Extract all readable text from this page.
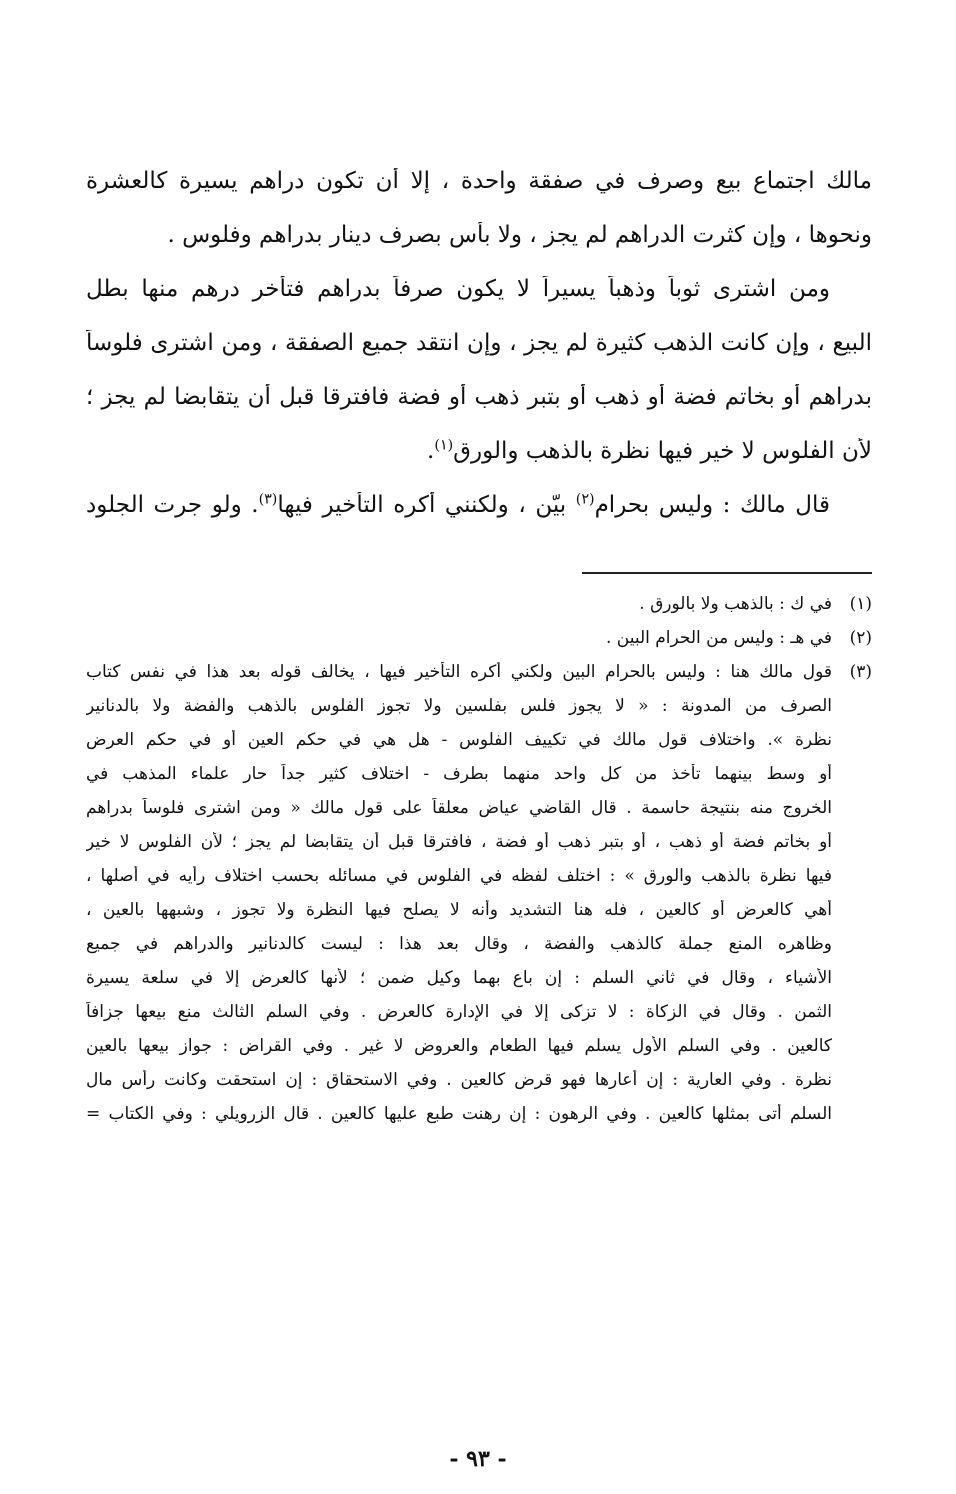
مالك اجتماع بيع وصرف في صفقة واحدة ، إلا أن تكون دراهم يسيرة كالعشرة
ونحوها ، وإن كثرت الدراهم لم يجز ، ولا بأس بصرف دينار بدراهم وفلوس .

ومن اشترى ثوباً وذهباً يسيراً لا يكون صرفاً بدراهم فتأخر درهم منها بطل
البيع ، وإن كانت الذهب كثيرة لم يجز ، وإن انتقد جميع الصفقة ، ومن اشترى فلوساً
بدراهم أو بخاتم فضة أو ذهب أو بتبر ذهب أو فضة فافترقا قبل أن يتقابضا لم يجز ؛
لأن الفلوس لا خير فيها نظرة بالذهب والورق$^{(١)}$.

قال مالك : وليس بحرام$^{(٢)}$ بيّن ، ولكنني أكره التأخير فيها$^{(٣)}$. ولو جرت الجلود

(١)
في ك : بالذهب ولا بالورق .
(٢)
في هـ : وليس من الحرام البين .
(٣)
قول مالك هنا : وليس بالحرام البين ولكني أكره التأخير فيها ، يخالف قوله بعد هذا في نفس كتاب
الصرف من المدونة : « لا يجوز فلس بفلسين ولا تجوز الفلوس بالذهب والفضة ولا بالدنانير
نظرة ». واختلاف قول مالك في تكييف الفلوس - هل هي في حكم العين أو في حكم العرض
أو وسط بينهما تأخذ من كل واحد منهما بطرف - اختلاف كثير جداً حار علماء المذهب في
الخروج منه بنتيجة حاسمة . قال القاضي عياض معلقاً على قول مالك « ومن اشترى فلوساً بدراهم
أو بخاتم فضة أو ذهب ، أو بتبر ذهب أو فضة ، فافترقا قبل أن يتقابضا لم يجز ؛ لأن الفلوس لا خير
فيها نظرة بالذهب والورق » : اختلف لفظه في الفلوس في مسائله بحسب اختلاف رأيه في أصلها ،
أهي كالعرض أو كالعين ، فله هنا التشديد وأنه لا يصلح فيها النظرة ولا تجوز ، وشبهها بالعين ،
وظاهره المنع جملة كالذهب والفضة ، وقال بعد هذا : ليست كالدنانير والدراهم في جميع
الأشياء ، وقال في ثاني السلم : إن باع بهما وكيل ضمن ؛ لأنها كالعرض إلا في سلعة يسيرة
الثمن . وقال في الزكاة : لا تزكى إلا في الإدارة كالعرض . وفي السلم الثالث منع بيعها جزافاً
كالعين . وفي السلم الأول يسلم فيها الطعام والعروض لا غير . وفي القراض : جواز بيعها بالعين
نظرة . وفي العارية : إن أعارها فهو قرض كالعين . وفي الاستحقاق : إن استحقت وكانت رأس مال
السلم أتى بمثلها كالعين . وفي الرهون : إن رهنت طبع عليها كالعين . قال الزرويلي : وفي الكتاب =
- ٩٣ -
